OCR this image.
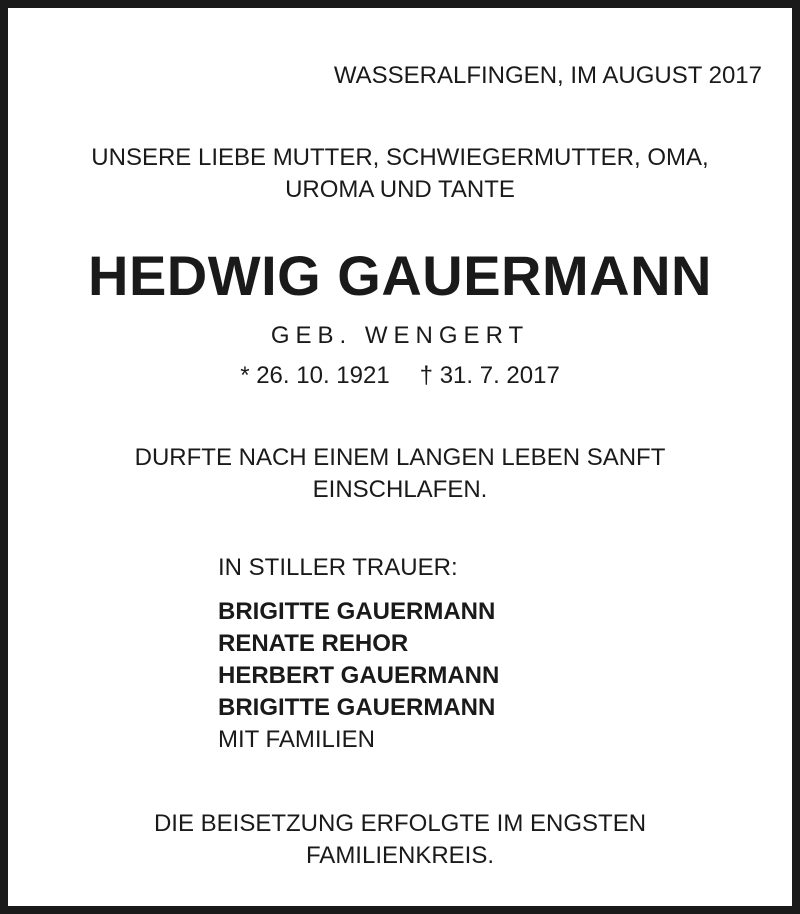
WASSERALFINGEN, IM AUGUST 2017
UNSERE LIEBE MUTTER, SCHWIEGERMUTTER, OMA,
UROMA UND TANTE
HEDWIG GAUERMANN
GEB. WENGERT
* 26. 10. 1921 † 31. 7. 2017
DURFTE NACH EINEM LANGEN LEBEN SANFT
EINSCHLAFEN.
IN STILLER TRAUER:
BRIGITTE GAUERMANN
RENATE REHOR
HERBERT GAUERMANN
BRIGITTE GAUERMANN
MIT FAMILIEN
DIE BEISETZUNG ERFOLGTE IM ENGSTEN
FAMILIENKREIS.
